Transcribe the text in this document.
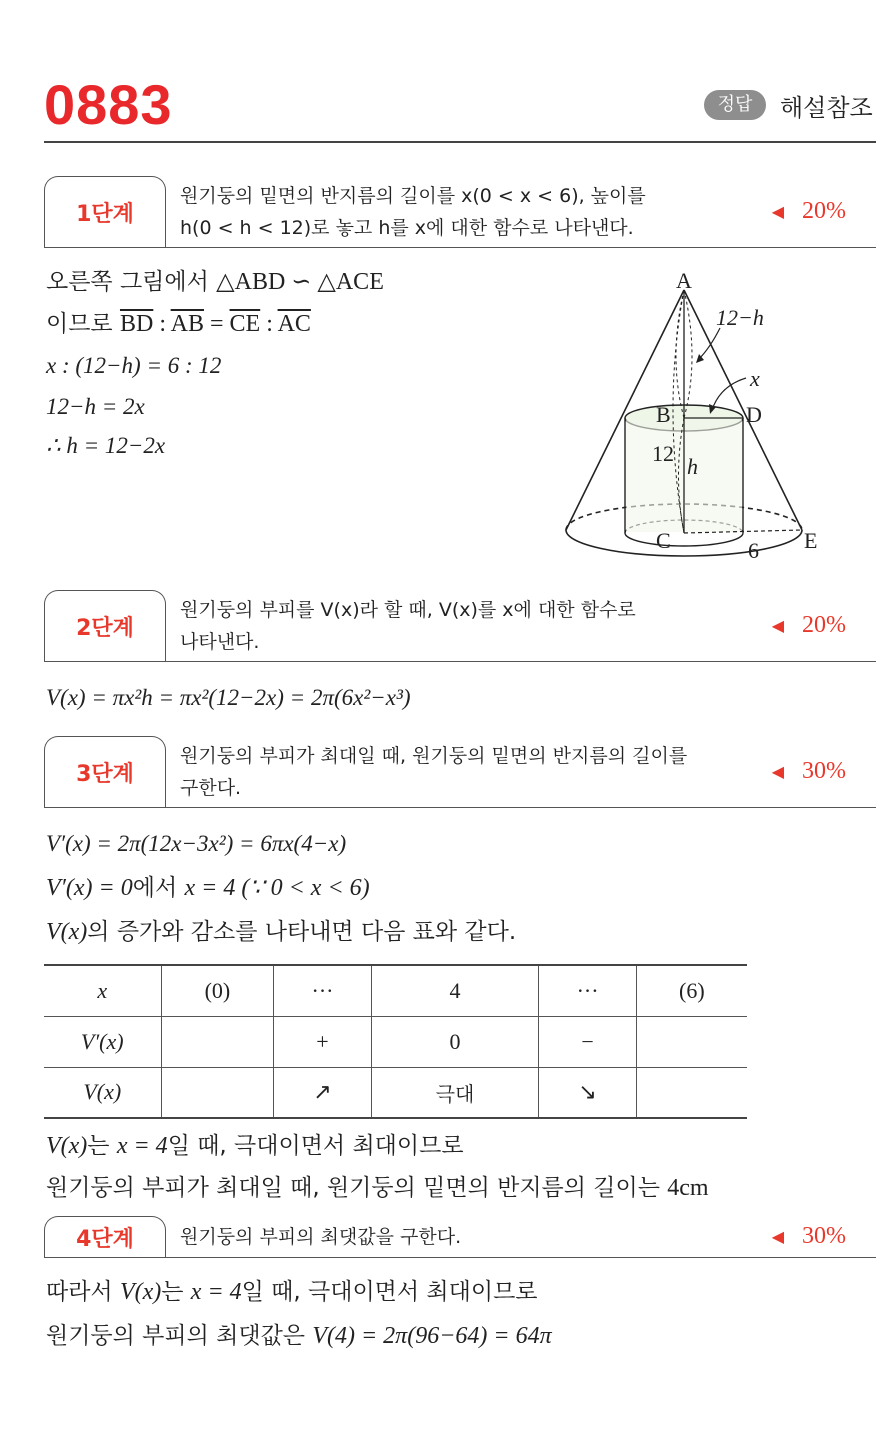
0883	정답	해설참조
1단계
원기둥의 밑면의 반지름의 길이를 x(0 < x < 6), 높이를
h(0 < h < 12)로 놓고 h를 x에 대한 함수로 나타낸다.
◀ 20%
오른쪽 그림에서 △ABD ∽ △ACE
이므로 $\overline{BD}$ : $\overline{AB} = \overline{CE}$ : $\overline{AC}$
x : (12−h) = 6 : 12
12−h = 2x
∴ h = 12−2x
A
B	D
C	E
12−h
x
12
h
6
2단계
원기둥의 부피를 V(x)라 할 때, V(x)를 x에 대한 함수로
나타낸다.
◀ 20%
V(x) = πx²h = πx²(12−2x) = 2π(6x²−x³)
3단계
원기둥의 부피가 최대일 때, 원기둥의 밑면의 반지름의 길이를
구한다.
◀ 30%
V′(x) = 2π(12x−3x²) = 6πx(4−x)
V′(x) = 0에서 x = 4 (∵ 0 < x < 6)
V(x)의 증가와 감소를 나타내면 다음 표와 같다.
x	(0)	···	4	···	(6)
V′(x)		+	0	−	
V(x)		↗	극대	↘	
V(x)는 x = 4일 때, 극대이면서 최대이므로
원기둥의 부피가 최대일 때, 원기둥의 밑면의 반지름의 길이는 4cm
4단계	원기둥의 부피의 최댓값을 구한다.	◀ 30%
따라서 V(x)는 x = 4일 때, 극대이면서 최대이므로
원기둥의 부피의 최댓값은 V(4) = 2π(96−64) = 64π
